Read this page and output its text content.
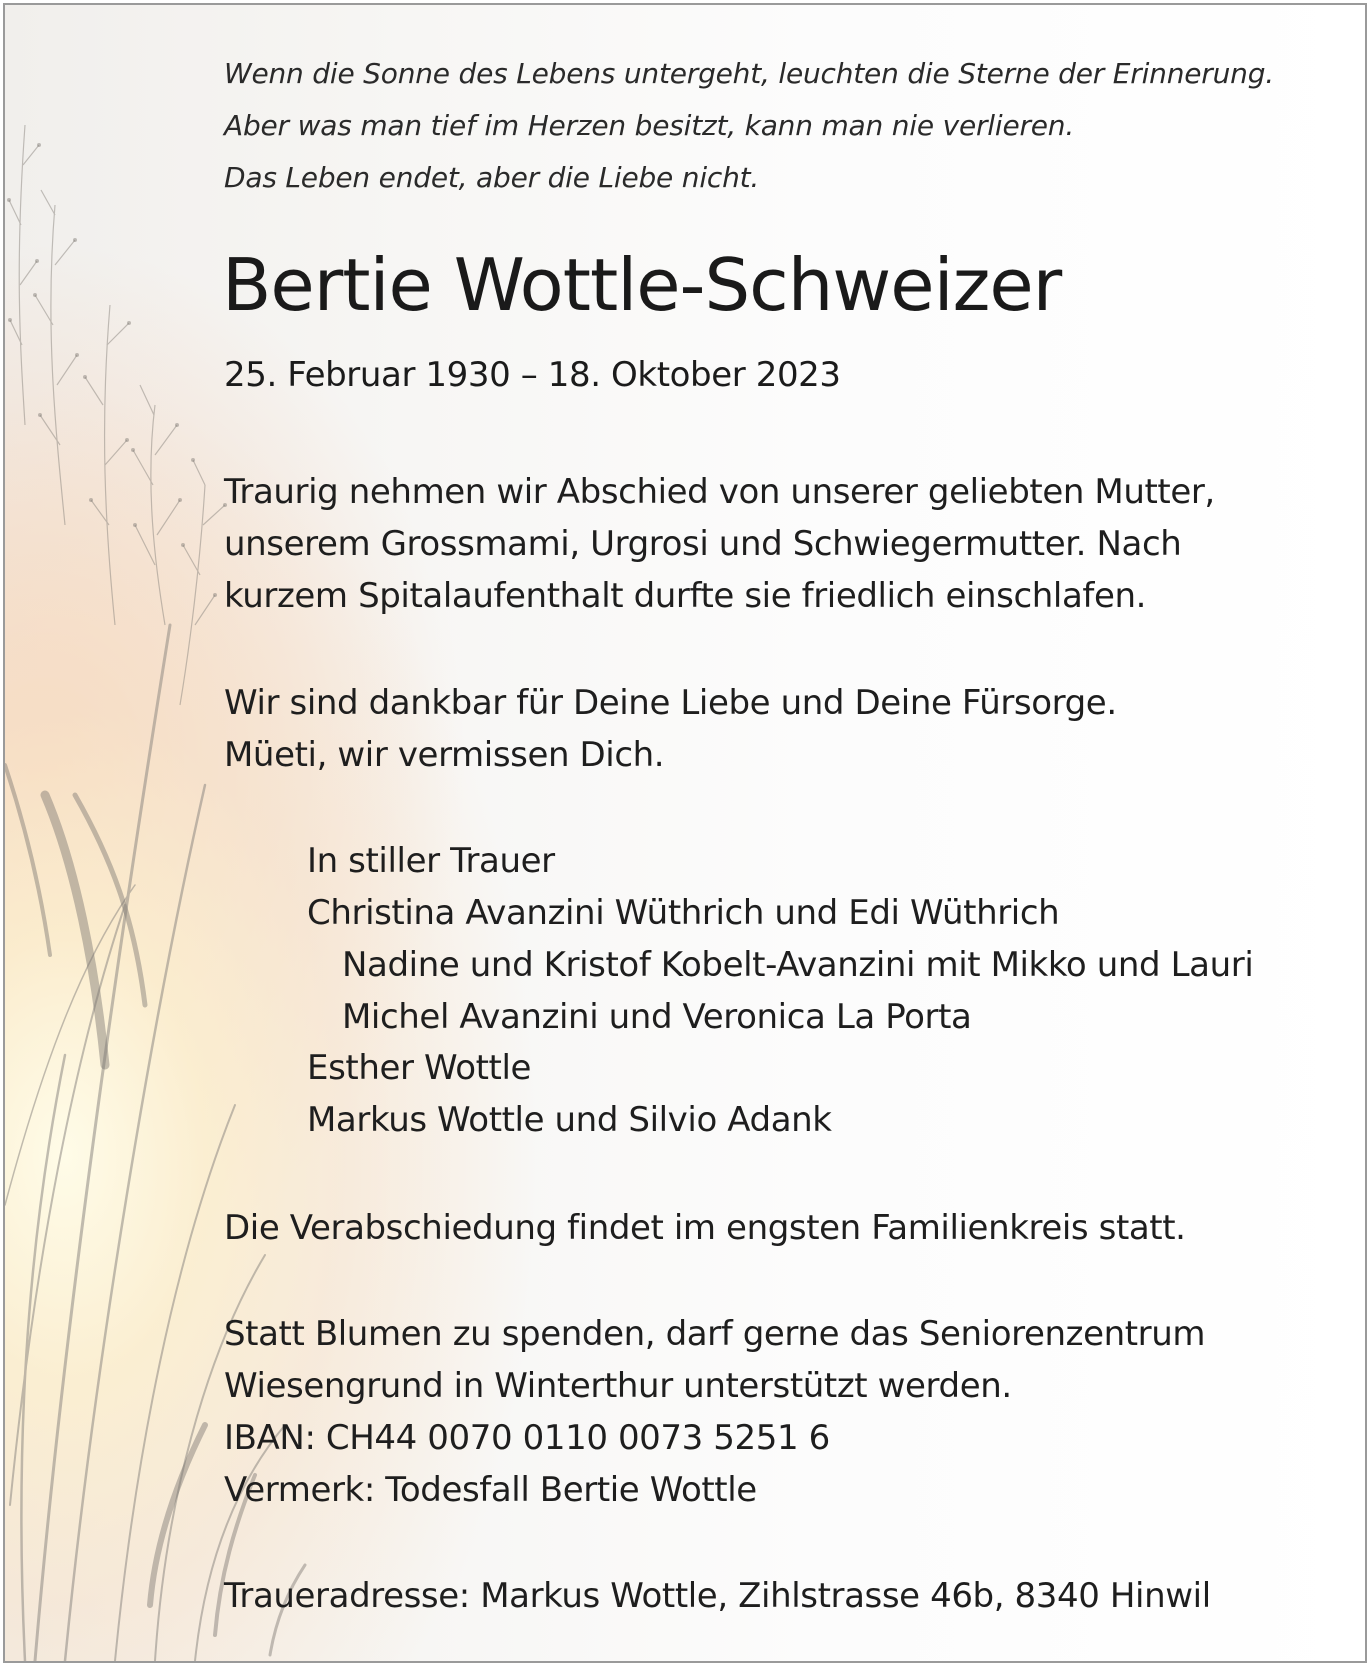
Wenn die Sonne des Lebens untergeht, leuchten die Sterne der Erinnerung.
Aber was man tief im Herzen besitzt, kann man nie verlieren.
Das Leben endet, aber die Liebe nicht.
Bertie Wottle-Schweizer
25. Februar 1930 – 18. Oktober 2023
Traurig nehmen wir Abschied von unserer geliebten Mutter,
unserem Grossmami, Urgrosi und Schwiegermutter. Nach
kurzem Spitalaufenthalt durfte sie friedlich einschlafen.
Wir sind dankbar für Deine Liebe und Deine Fürsorge.
Müeti, wir vermissen Dich.
In stiller Trauer
Christina Avanzini Wüthrich und Edi Wüthrich
Nadine und Kristof Kobelt-Avanzini mit Mikko und Lauri
Michel Avanzini und Veronica La Porta
Esther Wottle
Markus Wottle und Silvio Adank
Die Verabschiedung findet im engsten Familienkreis statt.
Statt Blumen zu spenden, darf gerne das Seniorenzentrum
Wiesengrund in Winterthur unterstützt werden.
IBAN: CH44 0070 0110 0073 5251 6
Vermerk: Todesfall Bertie Wottle
Traueradresse: Markus Wottle, Zihlstrasse 46b, 8340 Hinwil
